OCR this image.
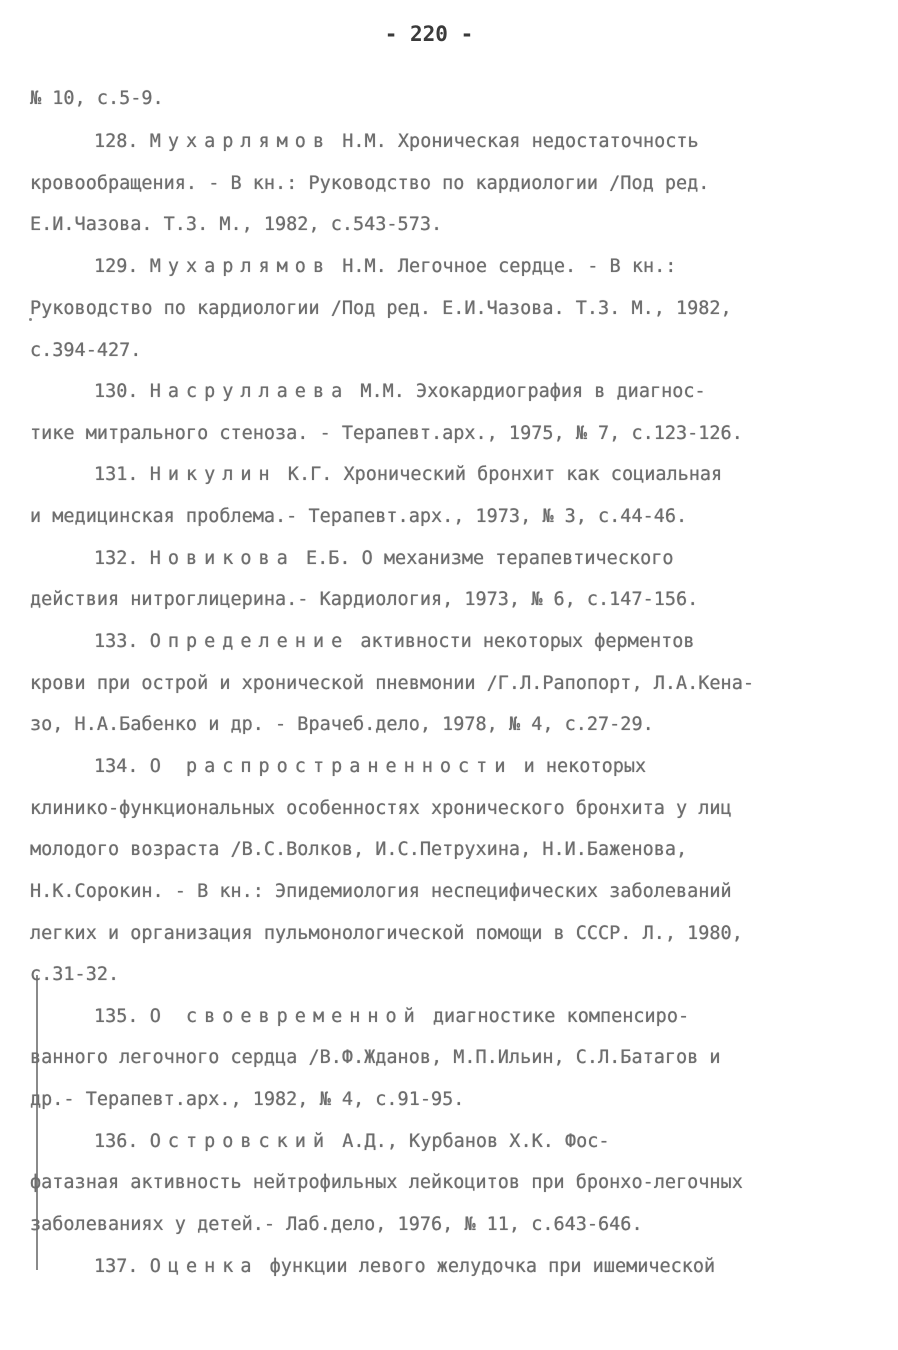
- 220 -
№ 10, с.5-9.
128. Мухарлямов Н.М. Хроническая недостаточность
кровообращения. - В кн.: Руководство по кардиологии /Под ред.
Е.И.Чазова. Т.3. М., 1982, с.543-573.
129. Мухарлямов Н.М. Легочное сердце. - В кн.:
Руководство по кардиологии /Под ред. Е.И.Чазова. Т.3. М., 1982,
с.394-427.
130. Насруллаева М.М. Эхокардиография в диагнос-
тике митрального стеноза. - Терапевт.арх., 1975, № 7, с.123-126.
131. Никулин К.Г. Хронический бронхит как социальная
и медицинская проблема.- Терапевт.арх., 1973, № 3, с.44-46.
132. Новикова Е.Б. О механизме терапевтического
действия нитроглицерина.- Кардиология, 1973, № 6, с.147-156.
133. Определение активности некоторых ферментов
крови при острой и хронической пневмонии /Г.Л.Рапопорт, Л.А.Кена-
зо, Н.А.Бабенко и др. - Врачеб.дело, 1978, № 4, с.27-29.
134. О распространенности и некоторых
клинико-функциональных особенностях хронического бронхита у лиц
молодого возраста /В.С.Волков, И.С.Петрухина, Н.И.Баженова,
Н.К.Сорокин. - В кн.: Эпидемиология неспецифических заболеваний
легких и организация пульмонологической помощи в СССР. Л., 1980,
с.31-32.
135. О своевременной диагностике компенсиро-
ванного легочного сердца /В.Ф.Жданов, М.П.Ильин, С.Л.Батагов и
др.- Терапевт.арх., 1982, № 4, с.91-95.
136. Островский А.Д., Курбанов Х.К. Фос-
фатазная активность нейтрофильных лейкоцитов при бронхо-легочных
заболеваниях у детей.- Лаб.дело, 1976, № 11, с.643-646.
137. Оценка функции левого желудочка при ишемической
